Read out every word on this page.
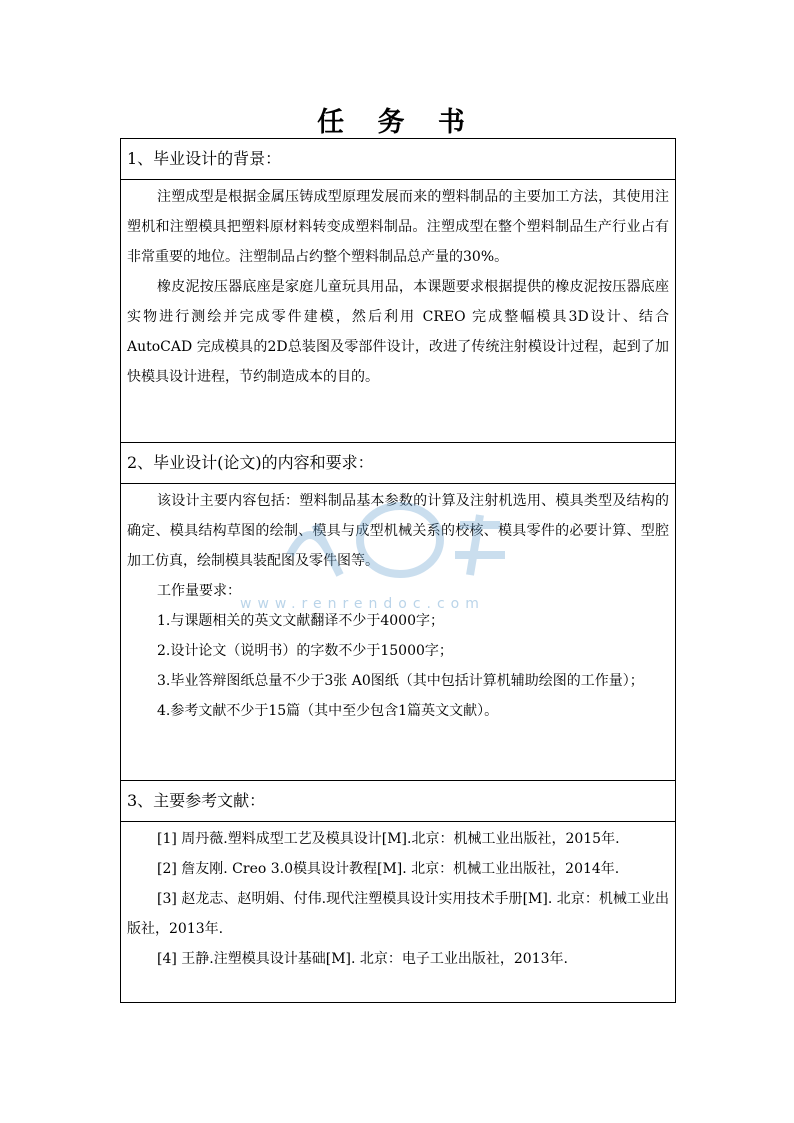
任 务 书
1、毕业设计的背景：

注塑成型是根据金属压铸成型原理发展而来的塑料制品的主要加工方法，其使用注塑机和注塑模具把塑料原材料转变成塑料制品。注塑成型在整个塑料制品生产行业占有非常重要的地位。注塑制品占约整个塑料制品总产量的30%。

橡皮泥按压器底座是家庭儿童玩具用品，本课题要求根据提供的橡皮泥按压器底座实物进行测绘并完成零件建模，然后利用 CREO 完成整幅模具3D设计、结合 AutoCAD 完成模具的2D总装图及零部件设计，改进了传统注射模设计过程，起到了加快模具设计进程，节约制造成本的目的。

2、毕业设计(论文)的内容和要求：

该设计主要内容包括：塑料制品基本参数的计算及注射机选用、模具类型及结构的确定、模具结构草图的绘制、模具与成型机械关系的校核、模具零件的必要计算、型腔加工仿真，绘制模具装配图及零件图等。

工作量要求：

1.与课题相关的英文文献翻译不少于4000字；

2.设计论文（说明书）的字数不少于15000字；

3.毕业答辩图纸总量不少于3张 A0图纸（其中包括计算机辅助绘图的工作量）；

4.参考文献不少于15篇（其中至少包含1篇英文文献）。

3、主要参考文献：

[1] 周丹薇.塑料成型工艺及模具设计[M].北京：机械工业出版社，2015年.

[2] 詹友刚. Creo 3.0模具设计教程[M]. 北京：机械工业出版社，2014年.

[3] 赵龙志、赵明娟、付伟.现代注塑模具设计实用技术手册[M]. 北京：机械工业出版社，2013年.

[4] 王静.注塑模具设计基础[M]. 北京：电子工业出版社，2013年.

www.renrendoc.com
